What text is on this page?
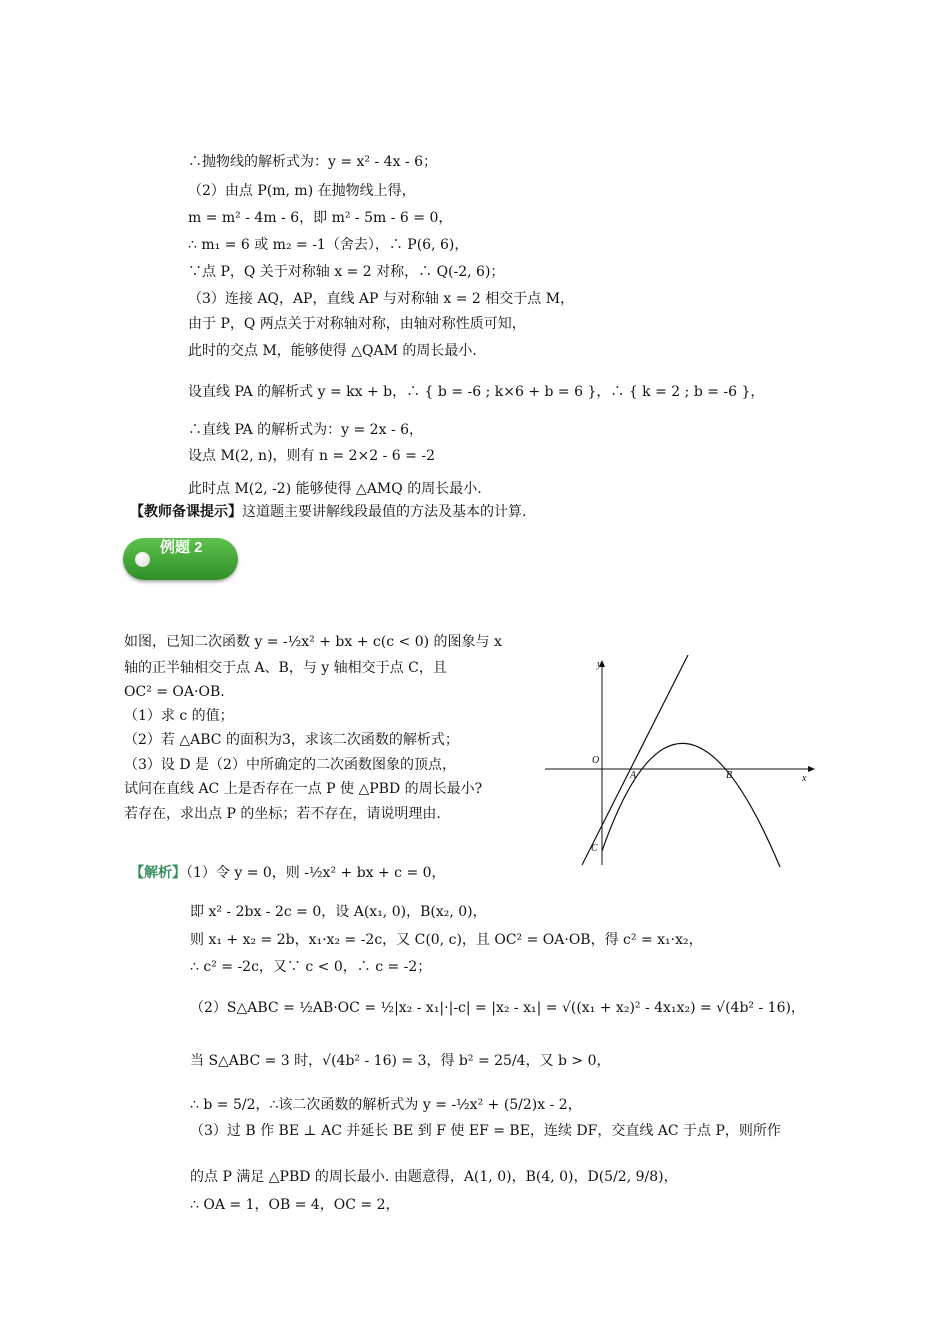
∴抛物线的解析式为：y = x² - 4x - 6；
（2）由点 P(m, m) 在抛物线上得，
m = m² - 4m - 6，即 m² - 5m - 6 = 0，
∴ m₁ = 6 或 m₂ = -1（舍去），∴ P(6, 6)，
∵点 P，Q 关于对称轴 x = 2 对称，∴ Q(-2, 6)；
（3）连接 AQ，AP，直线 AP 与对称轴 x = 2 相交于点 M，
由于 P，Q 两点关于对称轴对称，由轴对称性质可知，
此时的交点 M，能够使得 △QAM 的周长最小.
设直线 PA 的解析式 y = kx + b，∴ { b = -6 ; k×6 + b = 6 }，∴ { k = 2 ; b = -6 }，
∴直线 PA 的解析式为：y = 2x - 6，
设点 M(2, n)，则有 n = 2×2 - 6 = -2
此时点 M(2, -2) 能够使得 △AMQ 的周长最小.
【教师备课提示】这道题主要讲解线段最值的方法及基本的计算.
例题 2
如图，已知二次函数 y = -½x² + bx + c(c < 0) 的图象与 x
轴的正半轴相交于点 A、B，与 y 轴相交于点 C，且
OC² = OA·OB.
（1）求 c 的值；
（2）若 △ABC 的面积为3，求该二次函数的解析式；
（3）设 D 是（2）中所确定的二次函数图象的顶点，
试问在直线 AC 上是否存在一点 P 使 △PBD 的周长最小?
若存在，求出点 P 的坐标；若不存在，请说明理由.
x
y
O
A	B
C
【解析】（1）令 y = 0，则 -½x² + bx + c = 0，
即 x² - 2bx - 2c = 0，设 A(x₁, 0)，B(x₂, 0)，
则 x₁ + x₂ = 2b，x₁·x₂ = -2c，又 C(0, c)，且 OC² = OA·OB，得 c² = x₁·x₂，
∴ c² = -2c，又∵ c < 0，∴ c = -2；
（2）S△ABC = ½AB·OC = ½|x₂ - x₁|·|-c| = |x₂ - x₁| = √((x₁ + x₂)² - 4x₁x₂) = √(4b² - 16)，
当 S△ABC = 3 时，√(4b² - 16) = 3，得 b² = 25/4，又 b > 0，
∴ b = 5/2，∴该二次函数的解析式为 y = -½x² + (5/2)x - 2，
（3）过 B 作 BE ⊥ AC 并延长 BE 到 F 使 EF = BE，连续 DF，交直线 AC 于点 P，则所作
的点 P 满足 △PBD 的周长最小. 由题意得，A(1, 0)，B(4, 0)，D(5/2, 9/8)，
∴ OA = 1，OB = 4，OC = 2，
